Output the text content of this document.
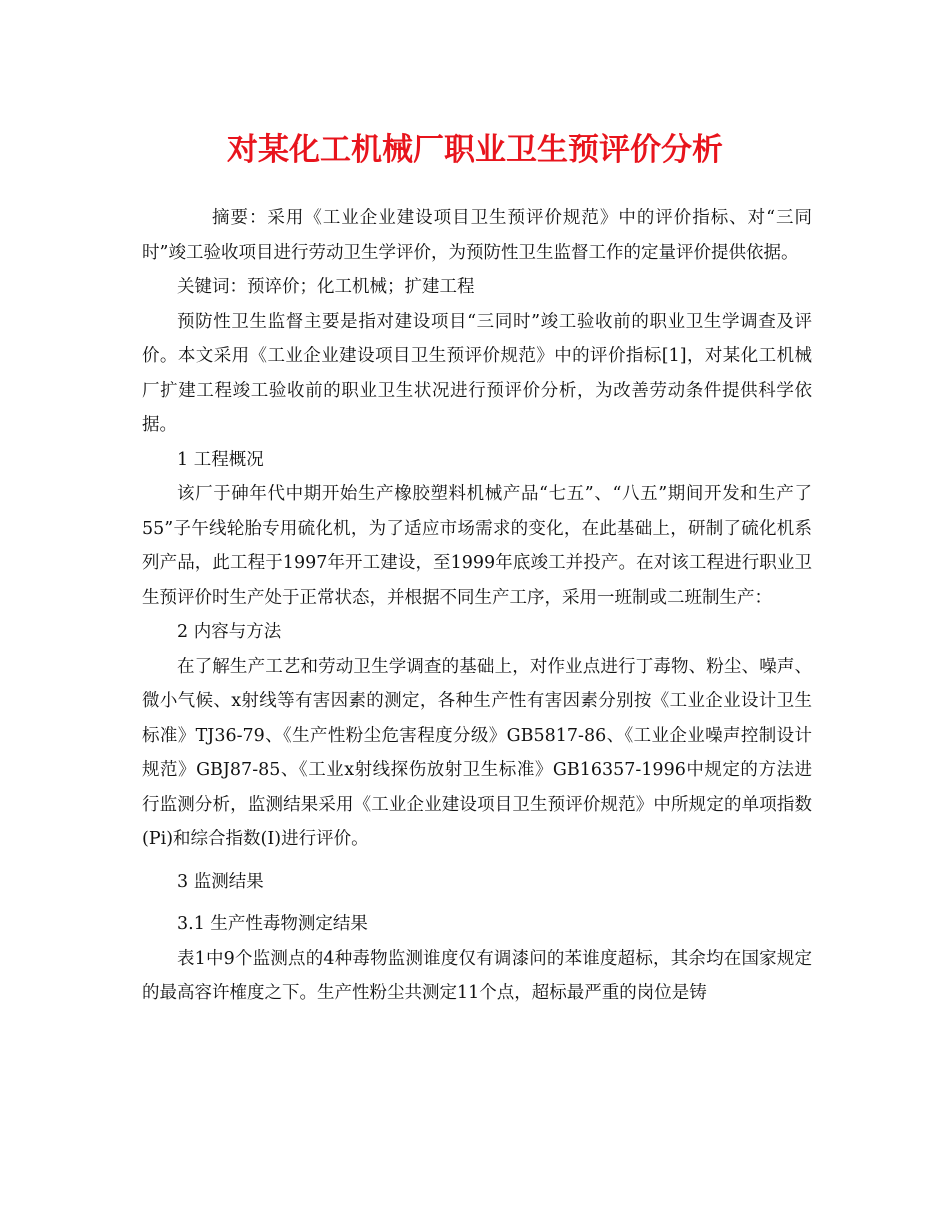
对某化工机械厂职业卫生预评价分析

摘要：采用《工业企业建设项目卫生预评价规范》中的评价指标、对“三同时”竣工验收项目进行劳动卫生学评价，为预防性卫生监督工作的定量评价提供依据。

关键词：预谇价；化工机械；扩建工程

预防性卫生监督主要是指对建设项目“三同时”竣工验收前的职业卫生学调查及评价。本文采用《工业企业建设项目卫生预评价规范》中的评价指标[1]，对某化工机械厂扩建工程竣工验收前的职业卫生状况进行预评价分析，为改善劳动条件提供科学依据。

1 工程概况

该厂于砷年代中期开始生产橡胶塑料机械产品“七五”、“八五”期间开发和生产了55”子午线轮胎专用硫化机，为了适应市场需求的变化，在此基础上，研制了硫化机系列产品，此工程于1997年开工建设，至1999年底竣工并投产。在对该工程进行职业卫生预评价时生产处于正常状态，并根据不同生产工序，采用一班制或二班制生产：

2 内容与方法

在了解生产工艺和劳动卫生学调查的基础上，对作业点进行丁毒物、粉尘、噪声、微小气候、x射线等有害因素的测定，各种生产性有害因素分别按《工业企业设计卫生标准》TJ36-79、《生产性粉尘危害程度分级》GB5817-86、《工业企业噪声控制设计规范》GBJ87-85、《工业x射线探伤放射卫生标准》GB16357-1996中规定的方法进行监测分析，监测结果采用《工业企业建设项目卫生预评价规范》中所规定的单项指数(Pi)和综合指数(I)进行评价。

3 监测结果

3.1 生产性毒物测定结果

表1中9个监测点的4种毒物监测谁度仅有调漆问的苯谁度超标，其余均在国家规定的最高容许榷度之下。生产性粉尘共测定11个点，超标最严重的岗位是铸
